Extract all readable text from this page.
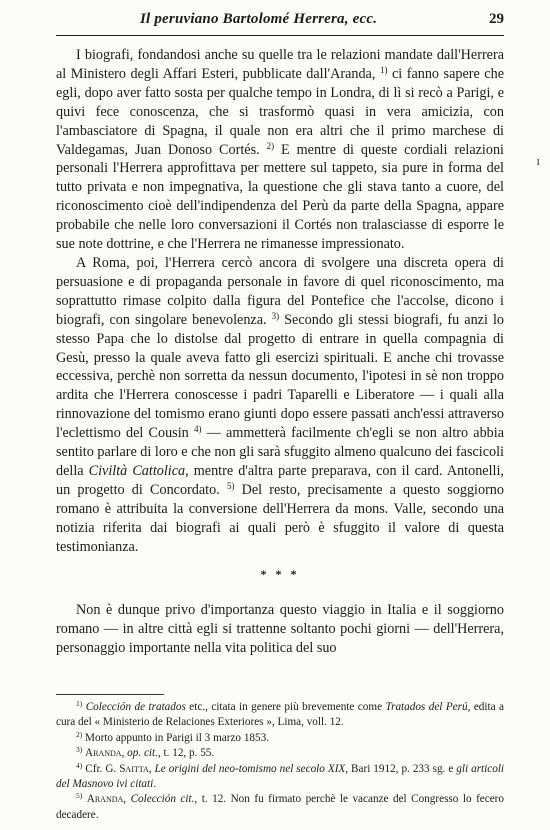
Il peruviano Bartolomé Herrera, ecc.	29
ı

I biografi, fondandosi anche su quelle tra le relazioni mandate dall'Herrera al Ministero degli Affari Esteri, pubblicate dall'Aranda, $^{1)}$ ci fanno sapere che egli, dopo aver fatto sosta per qualche tempo in Londra, di lì si recò a Parigi, e quivi fece conoscenza, che si trasformò quasi in vera amicizia, con l'ambasciatore di Spagna, il quale non era altri che il primo marchese di Valdegamas, Juan Donoso Cortés. $^{2)}$ E mentre di queste cordiali relazioni personali l'Herrera approfittava per mettere sul tappeto, sia pure in forma del tutto privata e non impegnativa, la questione che gli stava tanto a cuore, del riconoscimento cioè dell'indipendenza del Perù da parte della Spagna, appare probabile che nelle loro conversazioni il Cortés non tralasciasse di esporre le sue note dottrine, e che l'Herrera ne rimanesse impressionato.

A Roma, poi, l'Herrera cercò ancora di svolgere una discreta opera di persuasione e di propaganda personale in favore di quel riconoscimento, ma soprattutto rimase colpito dalla figura del Pontefice che l'accolse, dicono i biografi, con singolare benevolenza. $^{3)}$ Secondo gli stessi biografi, fu anzi lo stesso Papa che lo distolse dal progetto di entrare in quella compagnia di Gesù, presso la quale aveva fatto gli esercizi spirituali. E anche chi trovasse eccessiva, perchè non sorretta da nessun documento, l'ipotesi in sè non troppo ardita che l'Herrera conoscesse i padri Taparelli e Liberatore — i quali alla rinnovazione del tomismo erano giunti dopo essere passati anch'essi attraverso l'eclettismo del Cousin $^{4)}$ — ammetterà facilmente ch'egli se non altro abbia sentito parlare di loro e che non gli sarà sfuggito almeno qualcuno dei fascicoli della Civiltà Cattolica, mentre d'altra parte preparava, con il card. Antonelli, un progetto di Concordato. $^{5)}$ Del resto, precisamente a questo soggiorno romano è attribuita la conversione dell'Herrera da mons. Valle, secondo una notizia riferita dai biografi ai quali però è sfuggito il valore di questa testimonianza.

* * *

Non è dunque privo d'importanza questo viaggio in Italia e il soggiorno romano — in altre città egli si trattenne soltanto pochi giorni — dell'Herrera, personaggio importante nella vita politica del suo

$^{1)}$ Colección de tratados etc., citata in genere più brevemente come Tratados del Perú, edita a cura del « Ministerio de Relaciones Exteriores », Lima, voll. 12.

$^{2)}$ Morto appunto in Parigi il 3 marzo 1853.

$^{3)}$ Aranda, op. cit., t. 12, p. 55.

$^{4)}$ Cfr. G. Saitta, Le origini del neo-tomismo nel secolo XIX, Bari 1912, p. 233 sg. e gli articoli del Masnovo ivi citati.

$^{5)}$ Aranda, Colección cit., t. 12. Non fu firmato perchè le vacanze del Congresso lo fecero decadere.
